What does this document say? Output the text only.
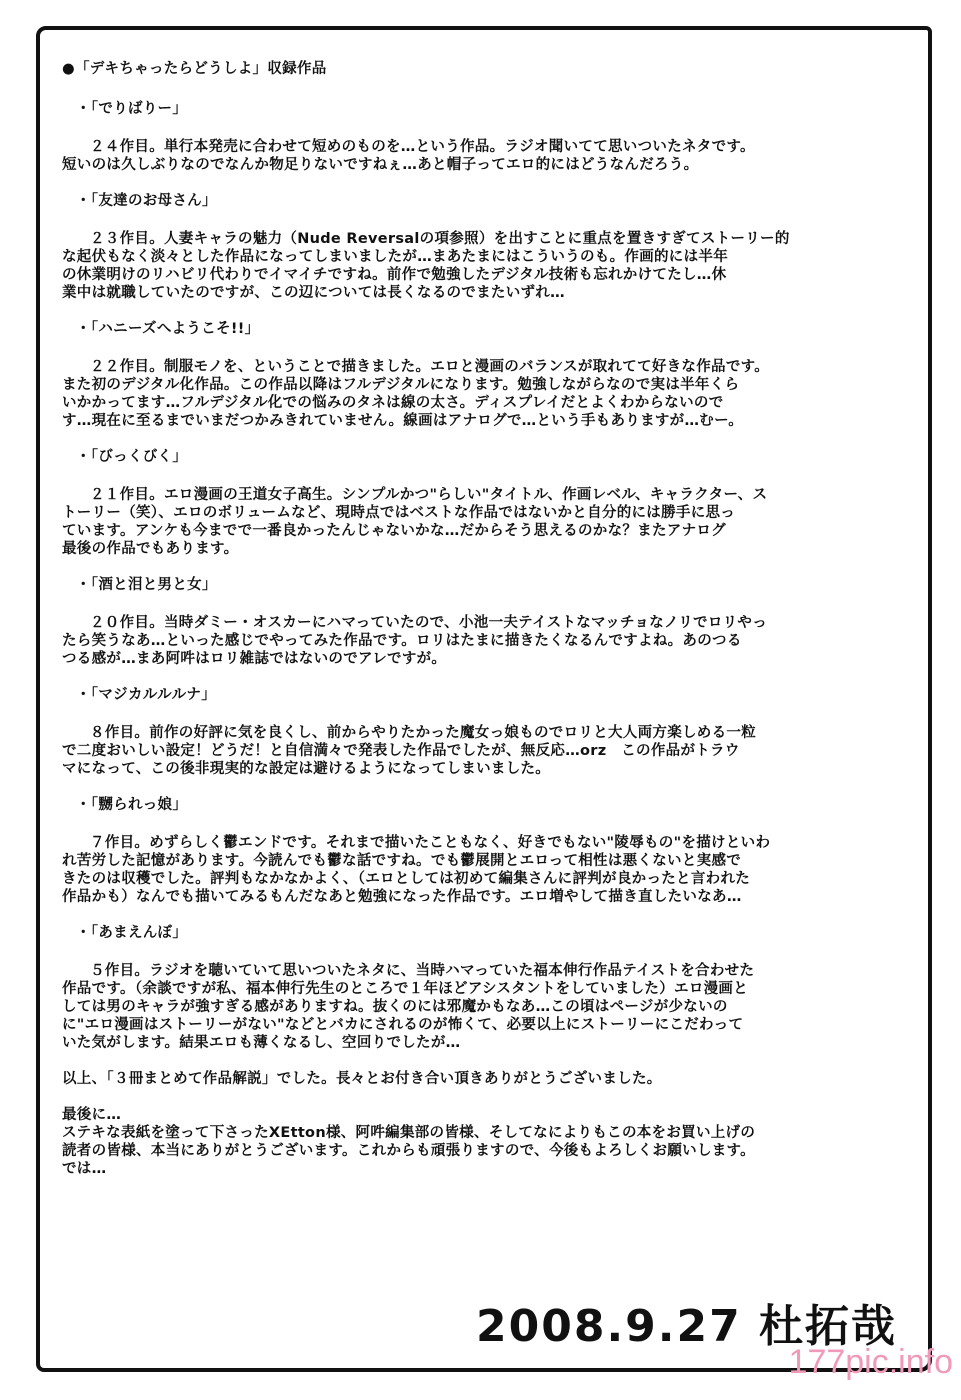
●「デキちゃったらどうしよ」収録作品
・「でりばりー」
２４作目。単行本発売に合わせて短めのものを…という作品。ラジオ聞いてて思いついたネタです。
短いのは久しぶりなのでなんか物足りないですねぇ…あと帽子ってエロ的にはどうなんだろう。
・「友達のお母さん」
２３作目。人妻キャラの魅力（Nude Reversalの項参照）を出すことに重点を置きすぎてストーリー的
な起伏もなく淡々とした作品になってしまいましたが…まあたまにはこういうのも。作画的には半年
の休業明けのリハビリ代わりでイマイチですね。前作で勉強したデジタル技術も忘れかけてたし…休
業中は就職していたのですが、この辺については長くなるのでまたいずれ…
・「ハニーズへようこそ!!」
２２作目。制服モノを、ということで描きました。エロと漫画のバランスが取れてて好きな作品です。
また初のデジタル化作品。この作品以降はフルデジタルになります。勉強しながらなので実は半年くら
いかかってます…フルデジタル化での悩みのタネは線の太さ。ディスプレイだとよくわからないので
す…現在に至るまでいまだつかみきれていません。線画はアナログで…という手もありますが…むー。
・「びっくびく」
２１作目。エロ漫画の王道女子高生。シンプルかつ"らしい"タイトル、作画レベル、キャラクター、ス
トーリー（笑）、エロのボリュームなど、現時点ではベストな作品ではないかと自分的には勝手に思っ
ています。アンケも今までで一番良かったんじゃないかな…だからそう思えるのかな？またアナログ
最後の作品でもあります。
・「酒と泪と男と女」
２０作目。当時ダミー・オスカーにハマっていたので、小池一夫テイストなマッチョなノリでロリやっ
たら笑うなあ…といった感じでやってみた作品です。ロリはたまに描きたくなるんですよね。あのつる
つる感が…まあ阿吽はロリ雑誌ではないのでアレですが。
・「マジカルルルナ」
８作目。前作の好評に気を良くし、前からやりたかった魔女っ娘ものでロリと大人両方楽しめる一粒
で二度おいしい設定！どうだ！と自信満々で発表した作品でしたが、無反応…orz　この作品がトラウ
マになって、この後非現実的な設定は避けるようになってしまいました。
・「嬲られっ娘」
７作目。めずらしく鬱エンドです。それまで描いたこともなく、好きでもない"陵辱もの"を描けといわ
れ苦労した記憶があります。今読んでも鬱な話ですね。でも鬱展開とエロって相性は悪くないと実感で
きたのは収穫でした。評判もなかなかよく、（エロとしては初めて編集さんに評判が良かったと言われた
作品かも）なんでも描いてみるもんだなあと勉強になった作品です。エロ増やして描き直したいなあ…
・「あまえんぼ」
５作目。ラジオを聴いていて思いついたネタに、当時ハマっていた福本伸行作品テイストを合わせた
作品です。（余談ですが私、福本伸行先生のところで１年ほどアシスタントをしていました）エロ漫画と
しては男のキャラが強すぎる感がありますね。抜くのには邪魔かもなあ…この頃はページが少ないの
に"エロ漫画はストーリーがない"などとバカにされるのが怖くて、必要以上にストーリーにこだわって
いた気がします。結果エロも薄くなるし、空回りでしたが…
以上、「３冊まとめて作品解説」でした。長々とお付き合い頂きありがとうございました。
最後に…
ステキな表紙を塗って下さったXEtton様、阿吽編集部の皆様、そしてなによりもこの本をお買い上げの
読者の皆様、本当にありがとうございます。これからも頑張りますので、今後もよろしくお願いします。
では…
2008.9.27 杜拓哉
177pic.info
